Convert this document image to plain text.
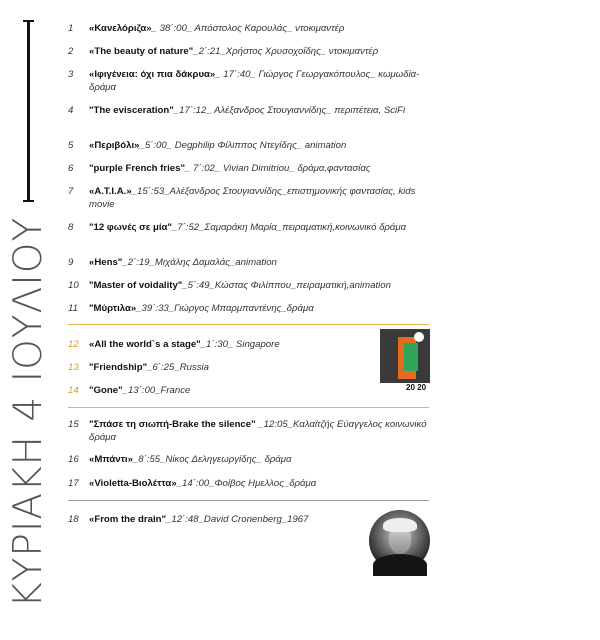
ΚΥΡΙΑΚΗ 4 ΙΟΥΛΙΟΥ
1	«Κανελόριζα»_ 38΄:00_ Απόστολος Καρουλάς_ ντοκιμαντέρ
2	«The beauty of nature"_2΄:21_Χρήστος Χρυσοχοΐδης_ ντοκιμαντέρ
3	«Ιφιγένεια: όχι πια δάκρυα»_ 17΄:40_ Γιώργος Γεωργακόπουλος_ κωμωδία-δράμα
4	"The evisceration"_17΄:12_ Αλέξανδρος Στουγιαννίδης_ περιπέτεια, SciFi
5	«Περιβόλι»_5΄:00_ Degphilip Φίλιππος Ντεγίδης_ animation
6	"purple French fries"_ 7΄:02_ Vivian Dimitriou_ δράμα,φαντασίας
7	«Α.Τ.Ι.Α.»_15΄:53_Αλέξανδρος Στουγιαννίδης_επιστημονικής φαντασίας, kids movie
8	"12 φωνές σε μία"_7΄:52_Σαμαράκη Μαρία_πειραματική,κοινωνικό δράμα
9	«Hens"_2΄:19_Μιχάλης Δαμαλάς_animation
10	"Master of voidality"_5΄:49_Κώστας Φιλίππου_πειραματική,animation
11	"Μύρτιλα»_39΄:33_Γιώργος Μπαρμπαντένης_δράμα
12	«All the world`s a stage"_1΄:30_ Singapore
13	"Friendship"_6΄:25_Russia
14	"Gone"_13΄:00_France
15	"Σπάσε τη σιωπή-Brake the silence" _12:05_Καλαϊτζής Εύαγγελος κοινωνικό δράμα
16	«Μπάντι»_8΄:55_Νίκος Δεληγεωργίδης_ δράμα
17	«Violetta-Βιολέττα»_14΄:00_Φοίβος Ημελλος_δράμα
18	«From the drain"_12΄:48_David Cronenberg_1967
20 20
